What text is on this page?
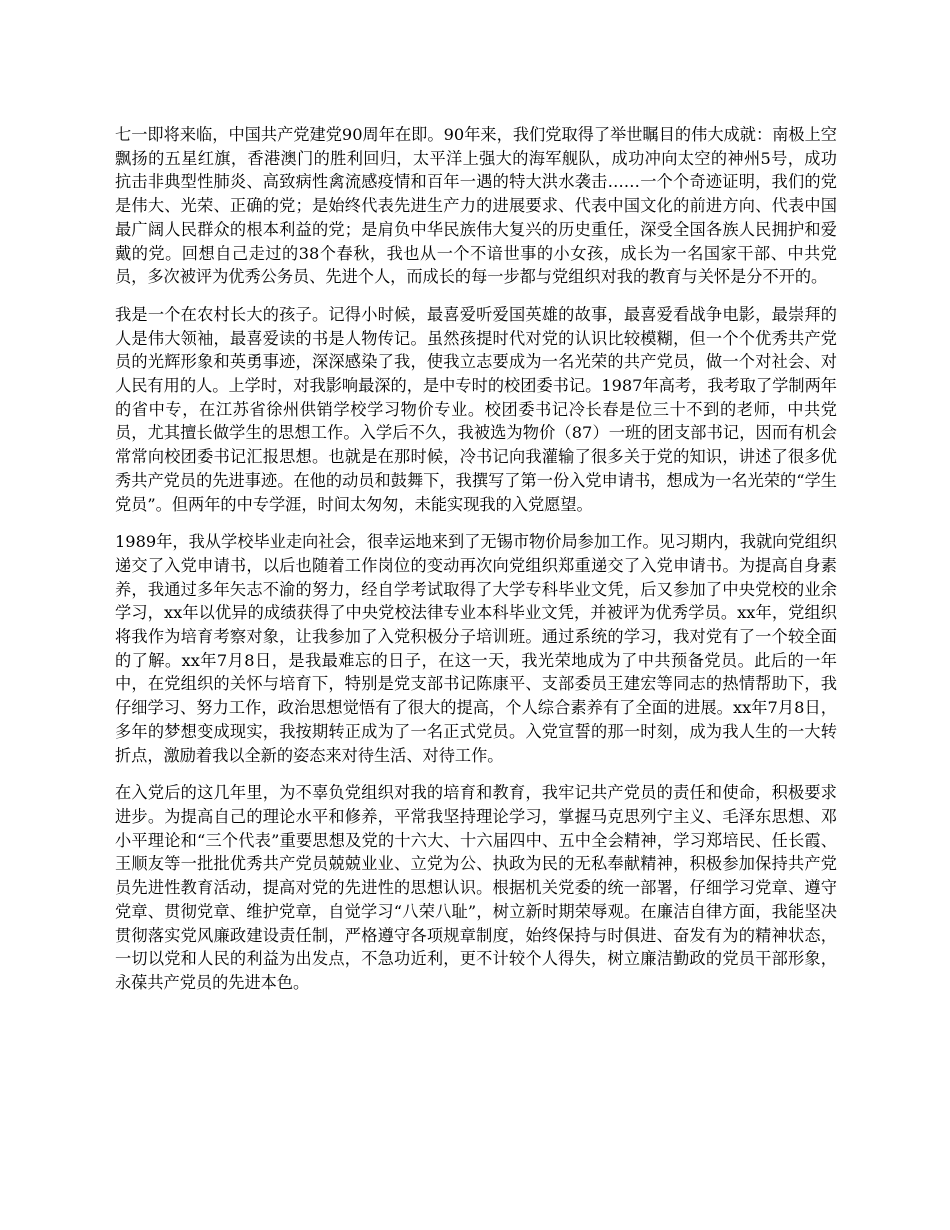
七一即将来临，中国共产党建党90周年在即。90年来，我们党取得了举世瞩目的伟大成就：南极上空飘扬的五星红旗，香港澳门的胜利回归，太平洋上强大的海军舰队，成功冲向太空的神州5号，成功抗击非典型性肺炎、高致病性禽流感疫情和百年一遇的特大洪水袭击……一个个奇迹证明，我们的党是伟大、光荣、正确的党；是始终代表先进生产力的进展要求、代表中国文化的前进方向、代表中国最广阔人民群众的根本利益的党；是肩负中华民族伟大复兴的历史重任，深受全国各族人民拥护和爱戴的党。回想自己走过的38个春秋，我也从一个不谙世事的小女孩，成长为一名国家干部、中共党员，多次被评为优秀公务员、先进个人，而成长的每一步都与党组织对我的教育与关怀是分不开的。

我是一个在农村长大的孩子。记得小时候，最喜爱听爱国英雄的故事，最喜爱看战争电影，最崇拜的人是伟大领袖，最喜爱读的书是人物传记。虽然孩提时代对党的认识比较模糊，但一个个优秀共产党员的光辉形象和英勇事迹，深深感染了我，使我立志要成为一名光荣的共产党员，做一个对社会、对人民有用的人。上学时，对我影响最深的，是中专时的校团委书记。1987年高考，我考取了学制两年的省中专，在江苏省徐州供销学校学习物价专业。校团委书记冷长春是位三十不到的老师，中共党员，尤其擅长做学生的思想工作。入学后不久，我被选为物价（87）一班的团支部书记，因而有机会常常向校团委书记汇报思想。也就是在那时候，冷书记向我灌输了很多关于党的知识，讲述了很多优秀共产党员的先进事迹。在他的动员和鼓舞下，我撰写了第一份入党申请书，想成为一名光荣的“学生党员”。但两年的中专学涯，时间太匆匆，未能实现我的入党愿望。

1989年，我从学校毕业走向社会，很幸运地来到了无锡市物价局参加工作。见习期内，我就向党组织递交了入党申请书，以后也随着工作岗位的变动再次向党组织郑重递交了入党申请书。为提高自身素养，我通过多年矢志不渝的努力，经自学考试取得了大学专科毕业文凭，后又参加了中央党校的业余学习，xx年以优异的成绩获得了中央党校法律专业本科毕业文凭，并被评为优秀学员。xx年，党组织将我作为培育考察对象，让我参加了入党积极分子培训班。通过系统的学习，我对党有了一个较全面的了解。xx年7月8日，是我最难忘的日子，在这一天，我光荣地成为了中共预备党员。此后的一年中，在党组织的关怀与培育下，特别是党支部书记陈康平、支部委员王建宏等同志的热情帮助下，我仔细学习、努力工作，政治思想觉悟有了很大的提高，个人综合素养有了全面的进展。xx年7月8日，多年的梦想变成现实，我按期转正成为了一名正式党员。入党宣誓的那一时刻，成为我人生的一大转折点，激励着我以全新的姿态来对待生活、对待工作。

在入党后的这几年里，为不辜负党组织对我的培育和教育，我牢记共产党员的责任和使命，积极要求进步。为提高自己的理论水平和修养，平常我坚持理论学习，掌握马克思列宁主义、毛泽东思想、邓小平理论和“三个代表”重要思想及党的十六大、十六届四中、五中全会精神，学习郑培民、任长霞、王顺友等一批批优秀共产党员兢兢业业、立党为公、执政为民的无私奉献精神，积极参加保持共产党员先进性教育活动，提高对党的先进性的思想认识。根据机关党委的统一部署，仔细学习党章、遵守党章、贯彻党章、维护党章，自觉学习“八荣八耻”，树立新时期荣辱观。在廉洁自律方面，我能坚决贯彻落实党风廉政建设责任制，严格遵守各项规章制度，始终保持与时俱进、奋发有为的精神状态，一切以党和人民的利益为出发点，不急功近利，更不计较个人得失，树立廉洁勤政的党员干部形象，永葆共产党员的先进本色。
